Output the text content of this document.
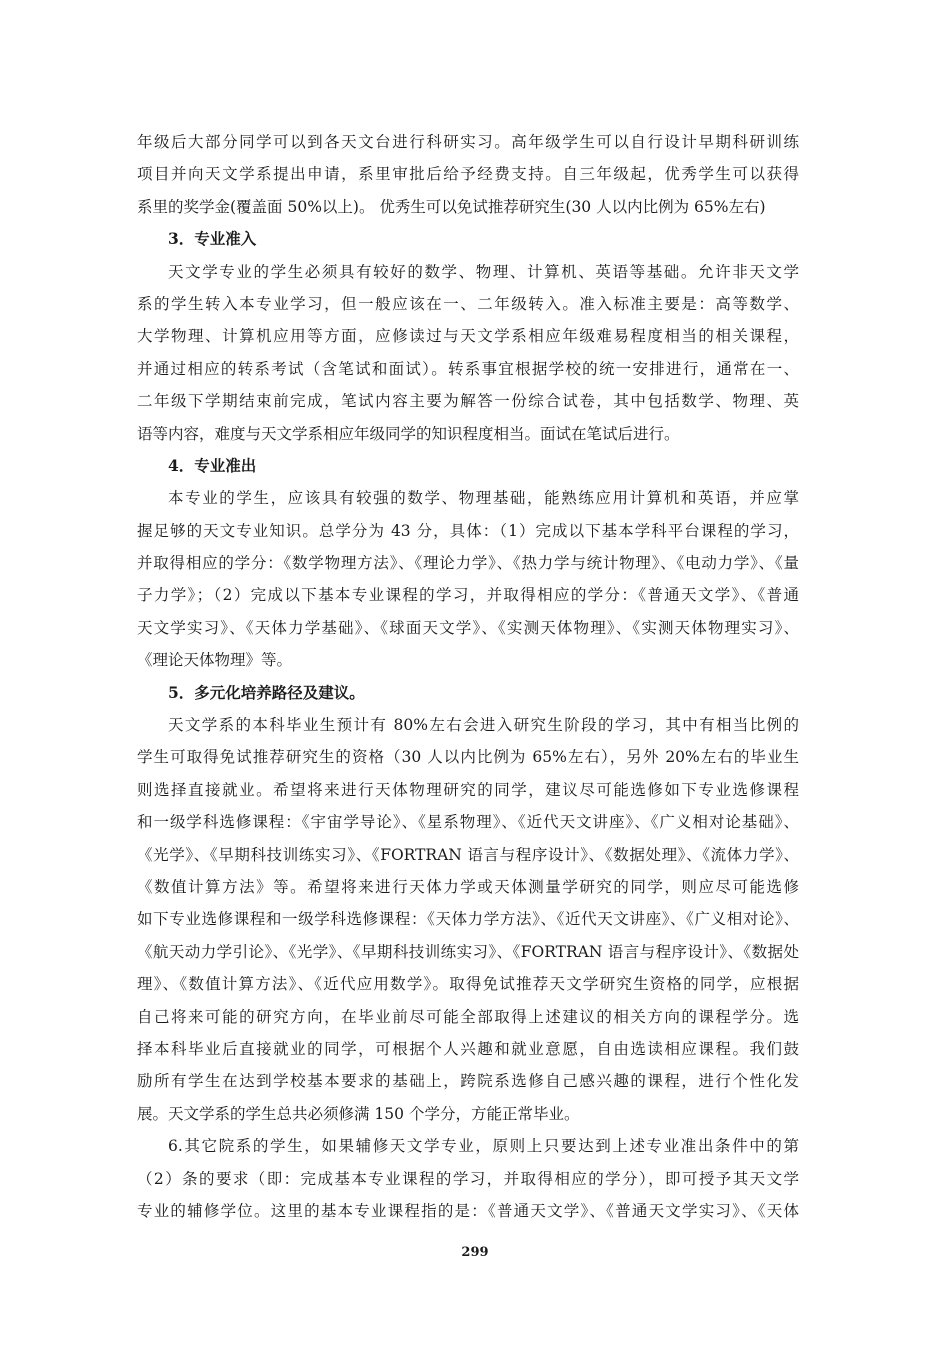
年级后大部分同学可以到各天文台进行科研实习。高年级学生可以自行设计早期科研训练
项目并向天文学系提出申请，系里审批后给予经费支持。自三年级起，优秀学生可以获得
系里的奖学金(覆盖面 50%以上)。 优秀生可以免试推荐研究生(30 人以内比例为 65%左右)
3．专业准入
天文学专业的学生必须具有较好的数学、物理、计算机、英语等基础。允许非天文学
系的学生转入本专业学习，但一般应该在一、二年级转入。准入标准主要是：高等数学、
大学物理、计算机应用等方面，应修读过与天文学系相应年级难易程度相当的相关课程，
并通过相应的转系考试（含笔试和面试）。转系事宜根据学校的统一安排进行，通常在一、
二年级下学期结束前完成，笔试内容主要为解答一份综合试卷，其中包括数学、物理、英
语等内容，难度与天文学系相应年级同学的知识程度相当。面试在笔试后进行。
4．专业准出
本专业的学生，应该具有较强的数学、物理基础，能熟练应用计算机和英语，并应掌
握足够的天文专业知识。总学分为 43 分，具体：（1）完成以下基本学科平台课程的学习，
并取得相应的学分：《数学物理方法》、《理论力学》、《热力学与统计物理》、《电动力学》、《量
子力学》；（2）完成以下基本专业课程的学习，并取得相应的学分：《普通天文学》、《普通
天文学实习》、《天体力学基础》、《球面天文学》、《实测天体物理》、《实测天体物理实习》、
《理论天体物理》等。
5．多元化培养路径及建议。
天文学系的本科毕业生预计有 80%左右会进入研究生阶段的学习，其中有相当比例的
学生可取得免试推荐研究生的资格（30 人以内比例为 65%左右），另外 20%左右的毕业生
则选择直接就业。希望将来进行天体物理研究的同学，建议尽可能选修如下专业选修课程
和一级学科选修课程：《宇宙学导论》、《星系物理》、《近代天文讲座》、《广义相对论基础》、
《光学》、《早期科技训练实习》、《FORTRAN 语言与程序设计》、《数据处理》、《流体力学》、
《数值计算方法》等。希望将来进行天体力学或天体测量学研究的同学，则应尽可能选修
如下专业选修课程和一级学科选修课程：《天体力学方法》、《近代天文讲座》、《广义相对论》、
《航天动力学引论》、《光学》、《早期科技训练实习》、《FORTRAN 语言与程序设计》、《数据处
理》、《数值计算方法》、《近代应用数学》。取得免试推荐天文学研究生资格的同学，应根据
自己将来可能的研究方向，在毕业前尽可能全部取得上述建议的相关方向的课程学分。选
择本科毕业后直接就业的同学，可根据个人兴趣和就业意愿，自由选读相应课程。我们鼓
励所有学生在达到学校基本要求的基础上，跨院系选修自己感兴趣的课程，进行个性化发
展。天文学系的学生总共必须修满 150 个学分，方能正常毕业。
6.其它院系的学生，如果辅修天文学专业，原则上只要达到上述专业准出条件中的第
（2）条的要求（即：完成基本专业课程的学习，并取得相应的学分），即可授予其天文学
专业的辅修学位。这里的基本专业课程指的是：《普通天文学》、《普通天文学实习》、《天体
299
